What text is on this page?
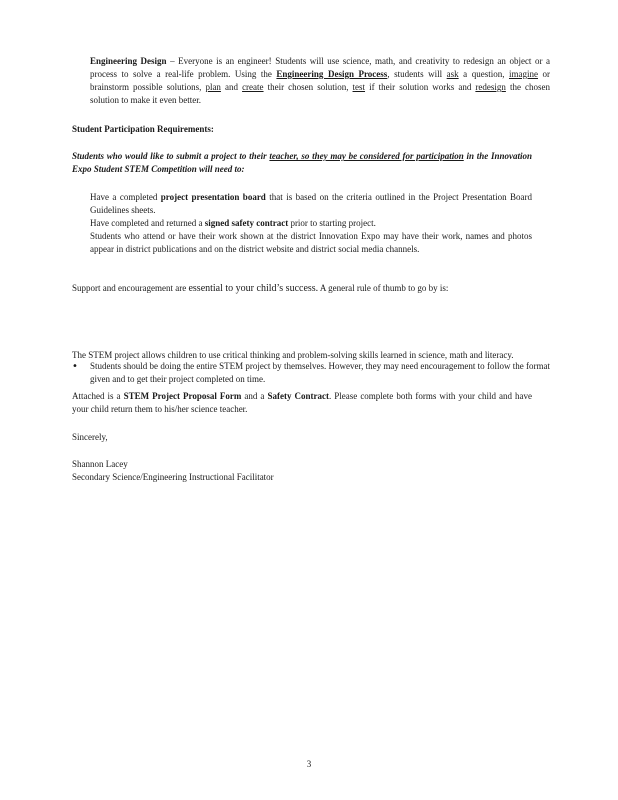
Engineering Design – Everyone is an engineer! Students will use science, math, and creativity to redesign an object or a process to solve a real-life problem. Using the Engineering Design Process, students will ask a question, imagine or brainstorm possible solutions, plan and create their chosen solution, test if their solution works and redesign the chosen solution to make it even better.
Student Participation Requirements:
Students who would like to submit a project to their teacher, so they may be considered for participation in the Innovation Expo Student STEM Competition will need to:
Have a completed project presentation board that is based on the criteria outlined in the Project Presentation Board Guidelines sheets.
Have completed and returned a signed safety contract prior to starting project.
Students who attend or have their work shown at the district Innovation Expo may have their work, names and photos appear in district publications and on the district website and district social media channels.
Support and encouragement are essential to your child’s success. A general rule of thumb to go by is:
• Students should be doing the entire STEM project by themselves. However, they may need encouragement to follow the format given and to get their project completed on time.
The STEM project allows children to use critical thinking and problem-solving skills learned in science, math and literacy.
Attached is a STEM Project Proposal Form and a Safety Contract. Please complete both forms with your child and have your child return them to his/her science teacher.
Sincerely,
Shannon Lacey
Secondary Science/Engineering Instructional Facilitator
3
